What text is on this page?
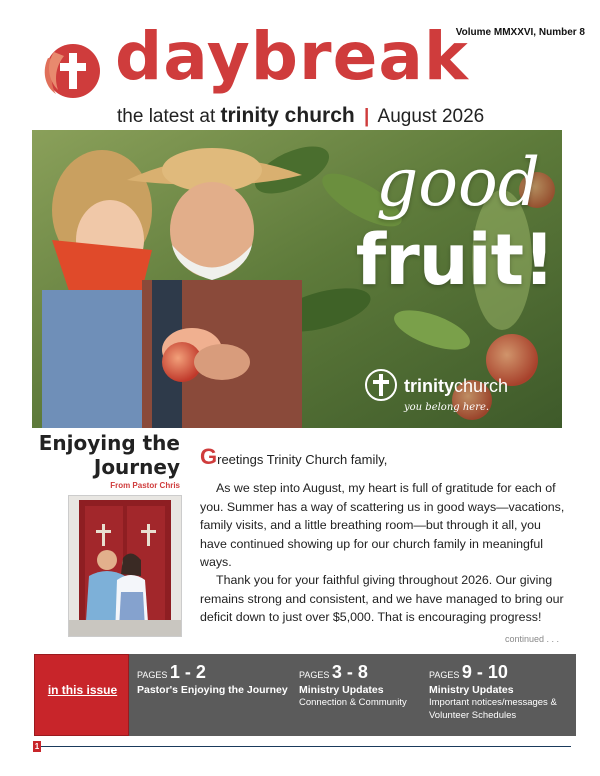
Volume MMXXVI, Number 8
daybreak
the latest at trinity church | August 2026
good
fruit!
trinitychurch
you belong here.
Enjoying the Journey
From Pastor Chris

Greetings Trinity Church family,

As we step into August, my heart is full of gratitude for each of you. Summer has a way of scattering us in good ways—vacations, family visits, and a little breathing room—but through it all, you have continued showing up for our church family in meaningful ways.

Thank you for your faithful giving throughout 2026. Our giving remains strong and consistent, and we have managed to bring our deficit down to just over $5,000. That is encouraging progress!

continued . . .
in this issue
PAGES 1 - 2
Pastor's Enjoying the Journey
PAGES 3 - 8
Ministry Updates
Connection & Community
PAGES 9 - 10
Ministry Updates
Important notices/messages & Volunteer Schedules
1
